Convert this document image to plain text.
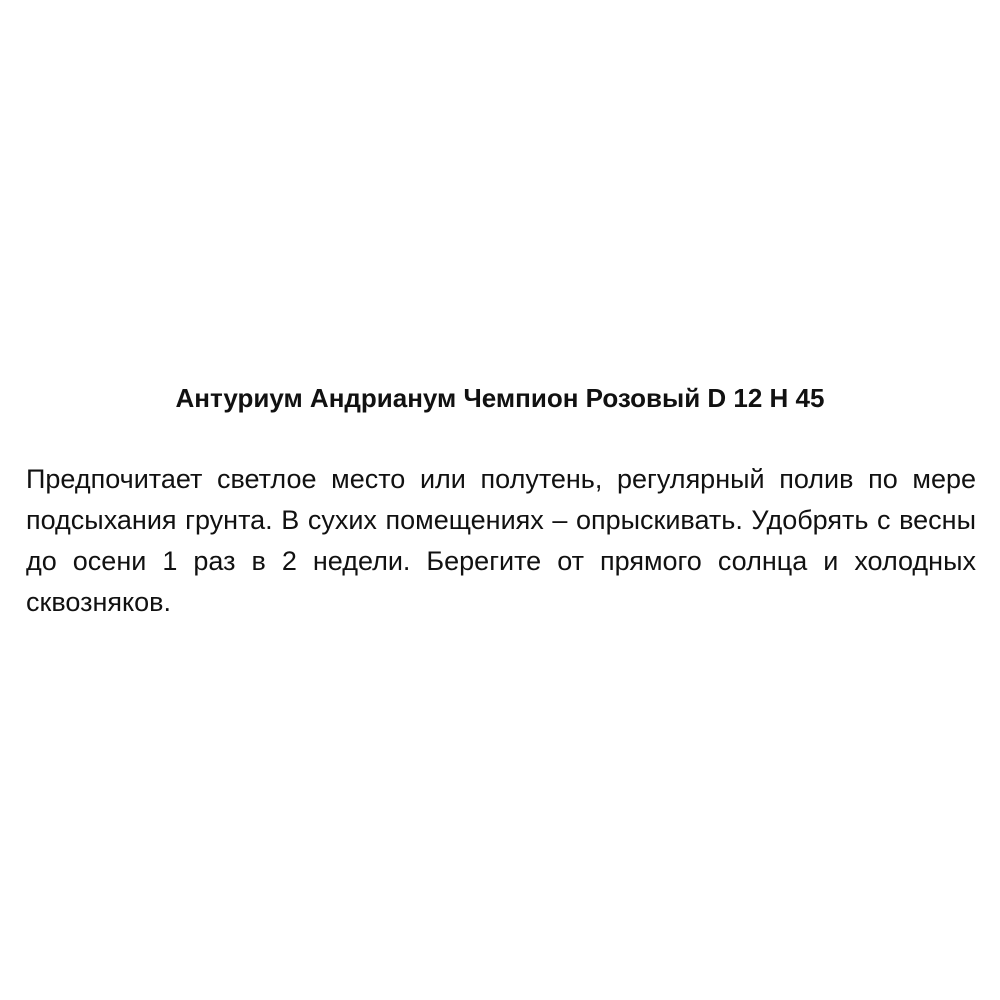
Антуриум Андрианум Чемпион Розовый D 12 H 45

Предпочитает светлое место или полутень, регулярный полив по мере подсыхания грунта. В сухих помещениях – опрыскивать. Удобрять с весны до осени 1 раз в 2 недели. Берегите от прямого солнца и холодных сквозняков.
